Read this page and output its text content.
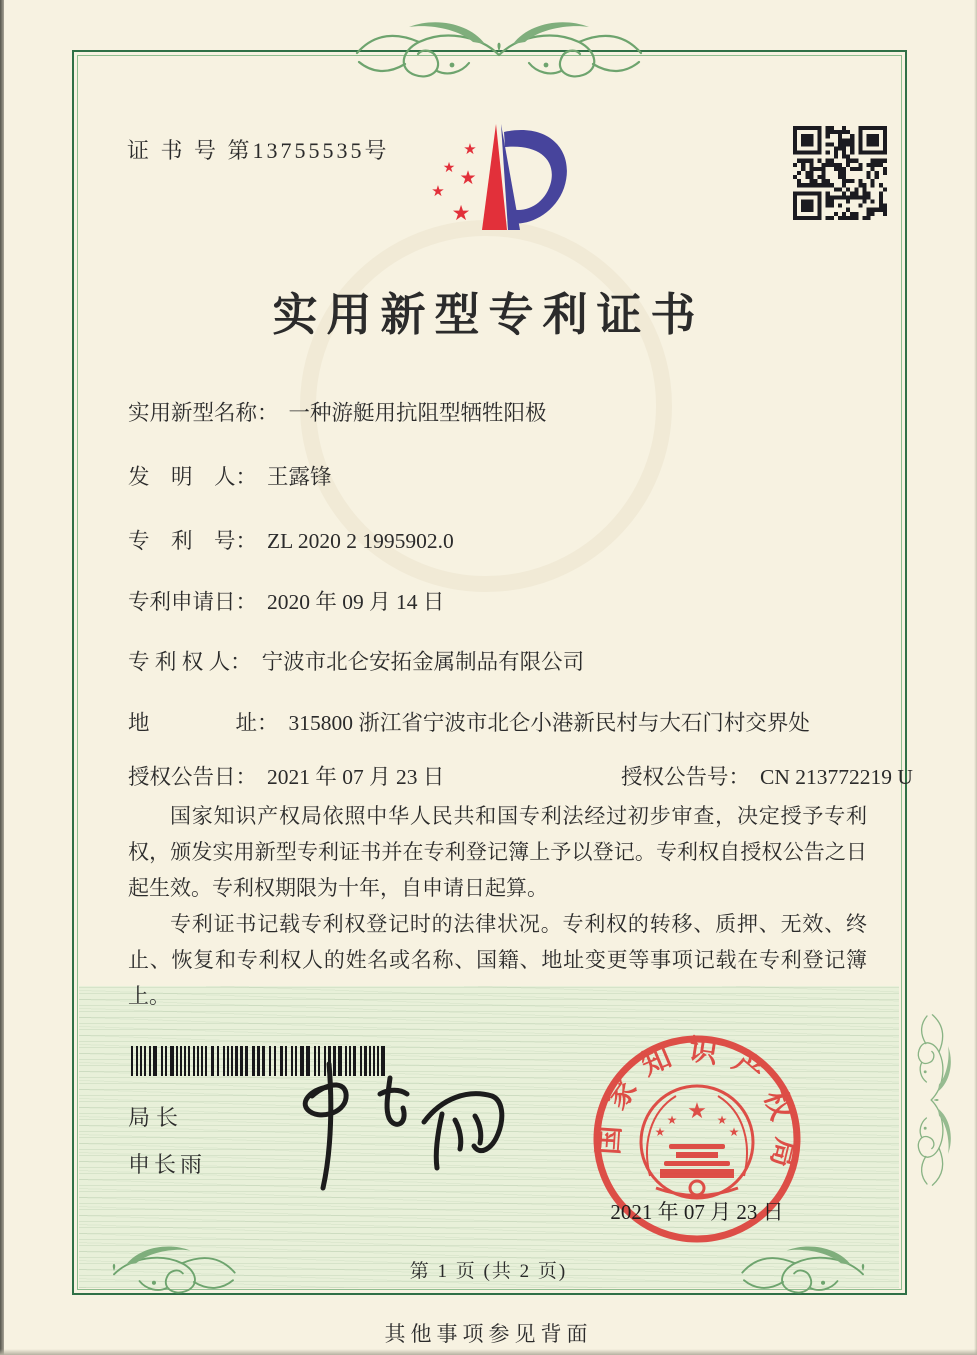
证 书 号 第13755535号	★
★ ★
★
★
实用新型专利证书
实用新型名称： 一种游艇用抗阻型牺牲阳极
发　明　人： 王露锋
专　利　号： ZL 2020 2 1995902.0
专利申请日： 2020 年 09 月 14 日
专 利 权 人： 宁波市北仑安拓金属制品有限公司
地　　　　址： 315800 浙江省宁波市北仑小港新民村与大石门村交界处
授权公告日： 2021 年 07 月 23 日	授权公告号： CN 213772219 U

国家知识产权局依照中华人民共和国专利法经过初步审查，决定授予专利权，颁发实用新型专利证书并在专利登记簿上予以登记。专利权自授权公告之日起生效。专利权期限为十年，自申请日起算。

专利证书记载专利权登记时的法律状况。专利权的转移、质押、无效、终止、恢复和专利权人的姓名或名称、国籍、地址变更等事项记载在专利登记簿上。

局长
申长雨
国家知识产权局
★
★
★
★
★
2021 年 07 月 23 日
第 1 页 (共 2 页)
其他事项参见背面
